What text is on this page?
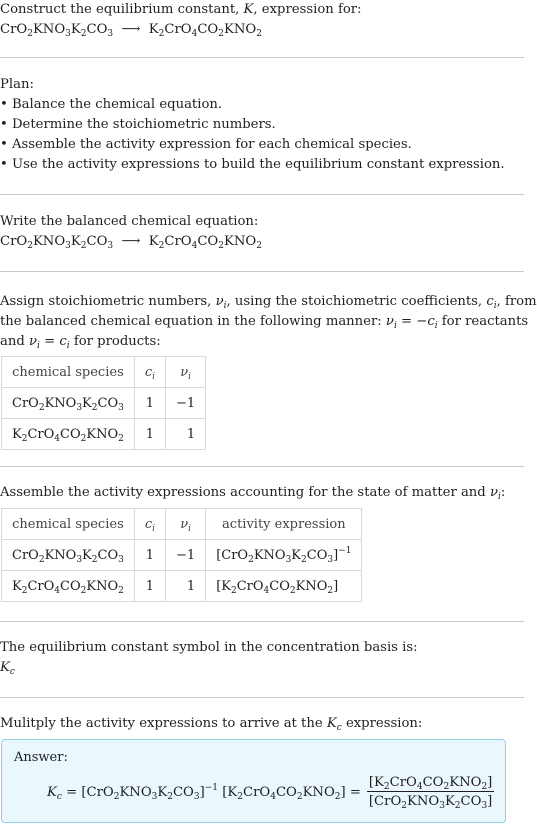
Construct the equilibrium constant, K, expression for:
$CrO_2KNO_3K_2CO_3$  ⟶  $K_2CrO_4CO_2KNO_2$
Plan:
• Balance the chemical equation.
• Determine the stoichiometric numbers.
• Assemble the activity expression for each chemical species.
• Use the activity expressions to build the equilibrium constant expression.
Write the balanced chemical equation:
$CrO_2KNO_3K_2CO_3$  ⟶  $K_2CrO_4CO_2KNO_2$
Assign stoichiometric numbers, $\nu_i$, using the stoichiometric coefficients, $c_i$, from
the balanced chemical equation in the following manner: $\nu_i = -c_i$ for reactants
and $\nu_i = c_i$ for products:
chemical species	$c_i$	$\nu_i$
$CrO_2KNO_3K_2CO_3$	1	−1
$K_2CrO_4CO_2KNO_2$	1	1
Assemble the activity expressions accounting for the state of matter and $\nu_i$:
chemical species	$c_i$	$\nu_i$	activity expression
$CrO_2KNO_3K_2CO_3$	1	−1	$[CrO_2KNO_3K_2CO_3]^{-1}$
$K_2CrO_4CO_2KNO_2$	1	1	$[K_2CrO_4CO_2KNO_2]$
The equilibrium constant symbol in the concentration basis is:
$K_c$
Mulitply the activity expressions to arrive at the $K_c$ expression:
Answer:
$K_c = [CrO_2KNO_3K_2CO_3]^{-1}$ $[K_2CrO_4CO_2KNO_2] = \frac{[K_2CrO_4CO_2KNO_2]}{[CrO_2KNO_3K_2CO_3]}$
